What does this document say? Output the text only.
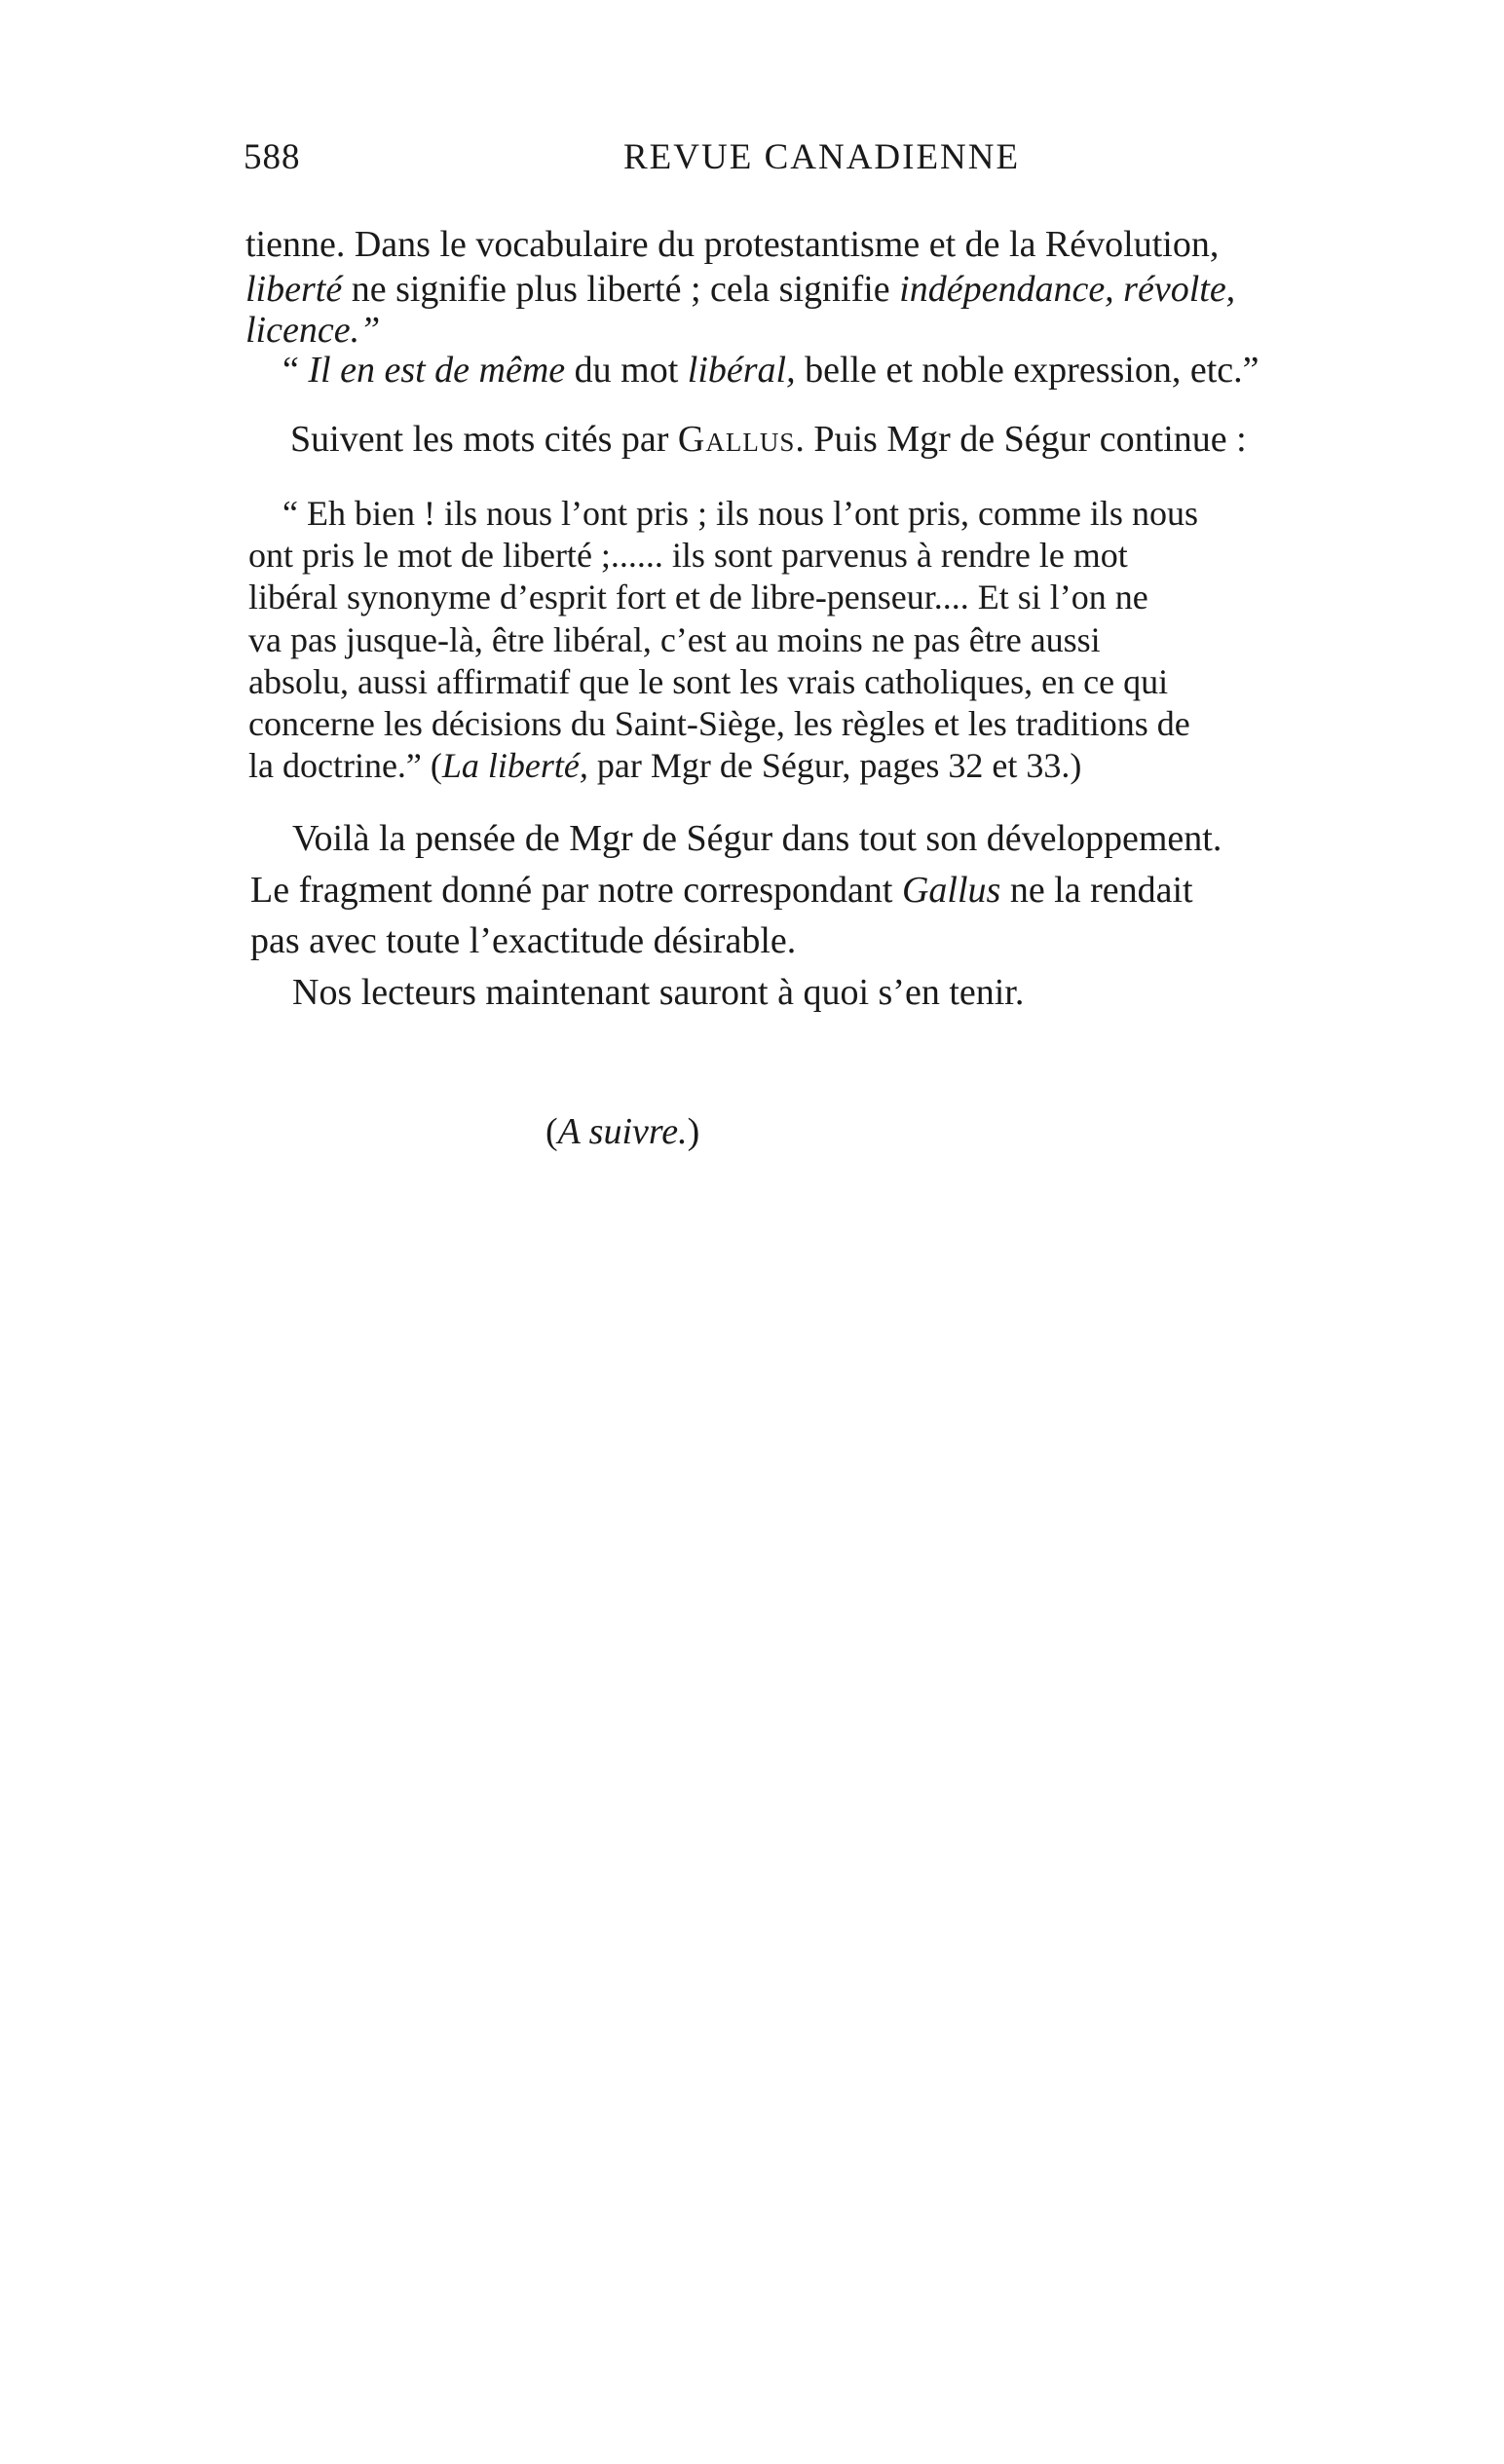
588	REVUE CANADIENNE
tienne. Dans le vocabulaire du protestantisme et de la Révolution,
liberté ne signifie plus liberté ; cela signifie indépendance, révolte,
licence.”
“ Il en est de même du mot libéral, belle et noble expression, etc.”
Suivent les mots cités par Gallus. Puis Mgr de Ségur continue :
“ Eh bien ! ils nous l’ont pris ; ils nous l’ont pris, comme ils nous
ont pris le mot de liberté ;...... ils sont parvenus à rendre le mot
libéral synonyme d’esprit fort et de libre-penseur.... Et si l’on ne
va pas jusque-là, être libéral, c’est au moins ne pas être aussi
absolu, aussi affirmatif que le sont les vrais catholiques, en ce qui
concerne les décisions du Saint-Siège, les règles et les traditions de
la doctrine.” (La liberté, par Mgr de Ségur, pages 32 et 33.)
Voilà la pensée de Mgr de Ségur dans tout son développement.
Le fragment donné par notre correspondant Gallus ne la rendait
pas avec toute l’exactitude désirable.
Nos lecteurs maintenant sauront à quoi s’en tenir.
(A suivre.)
